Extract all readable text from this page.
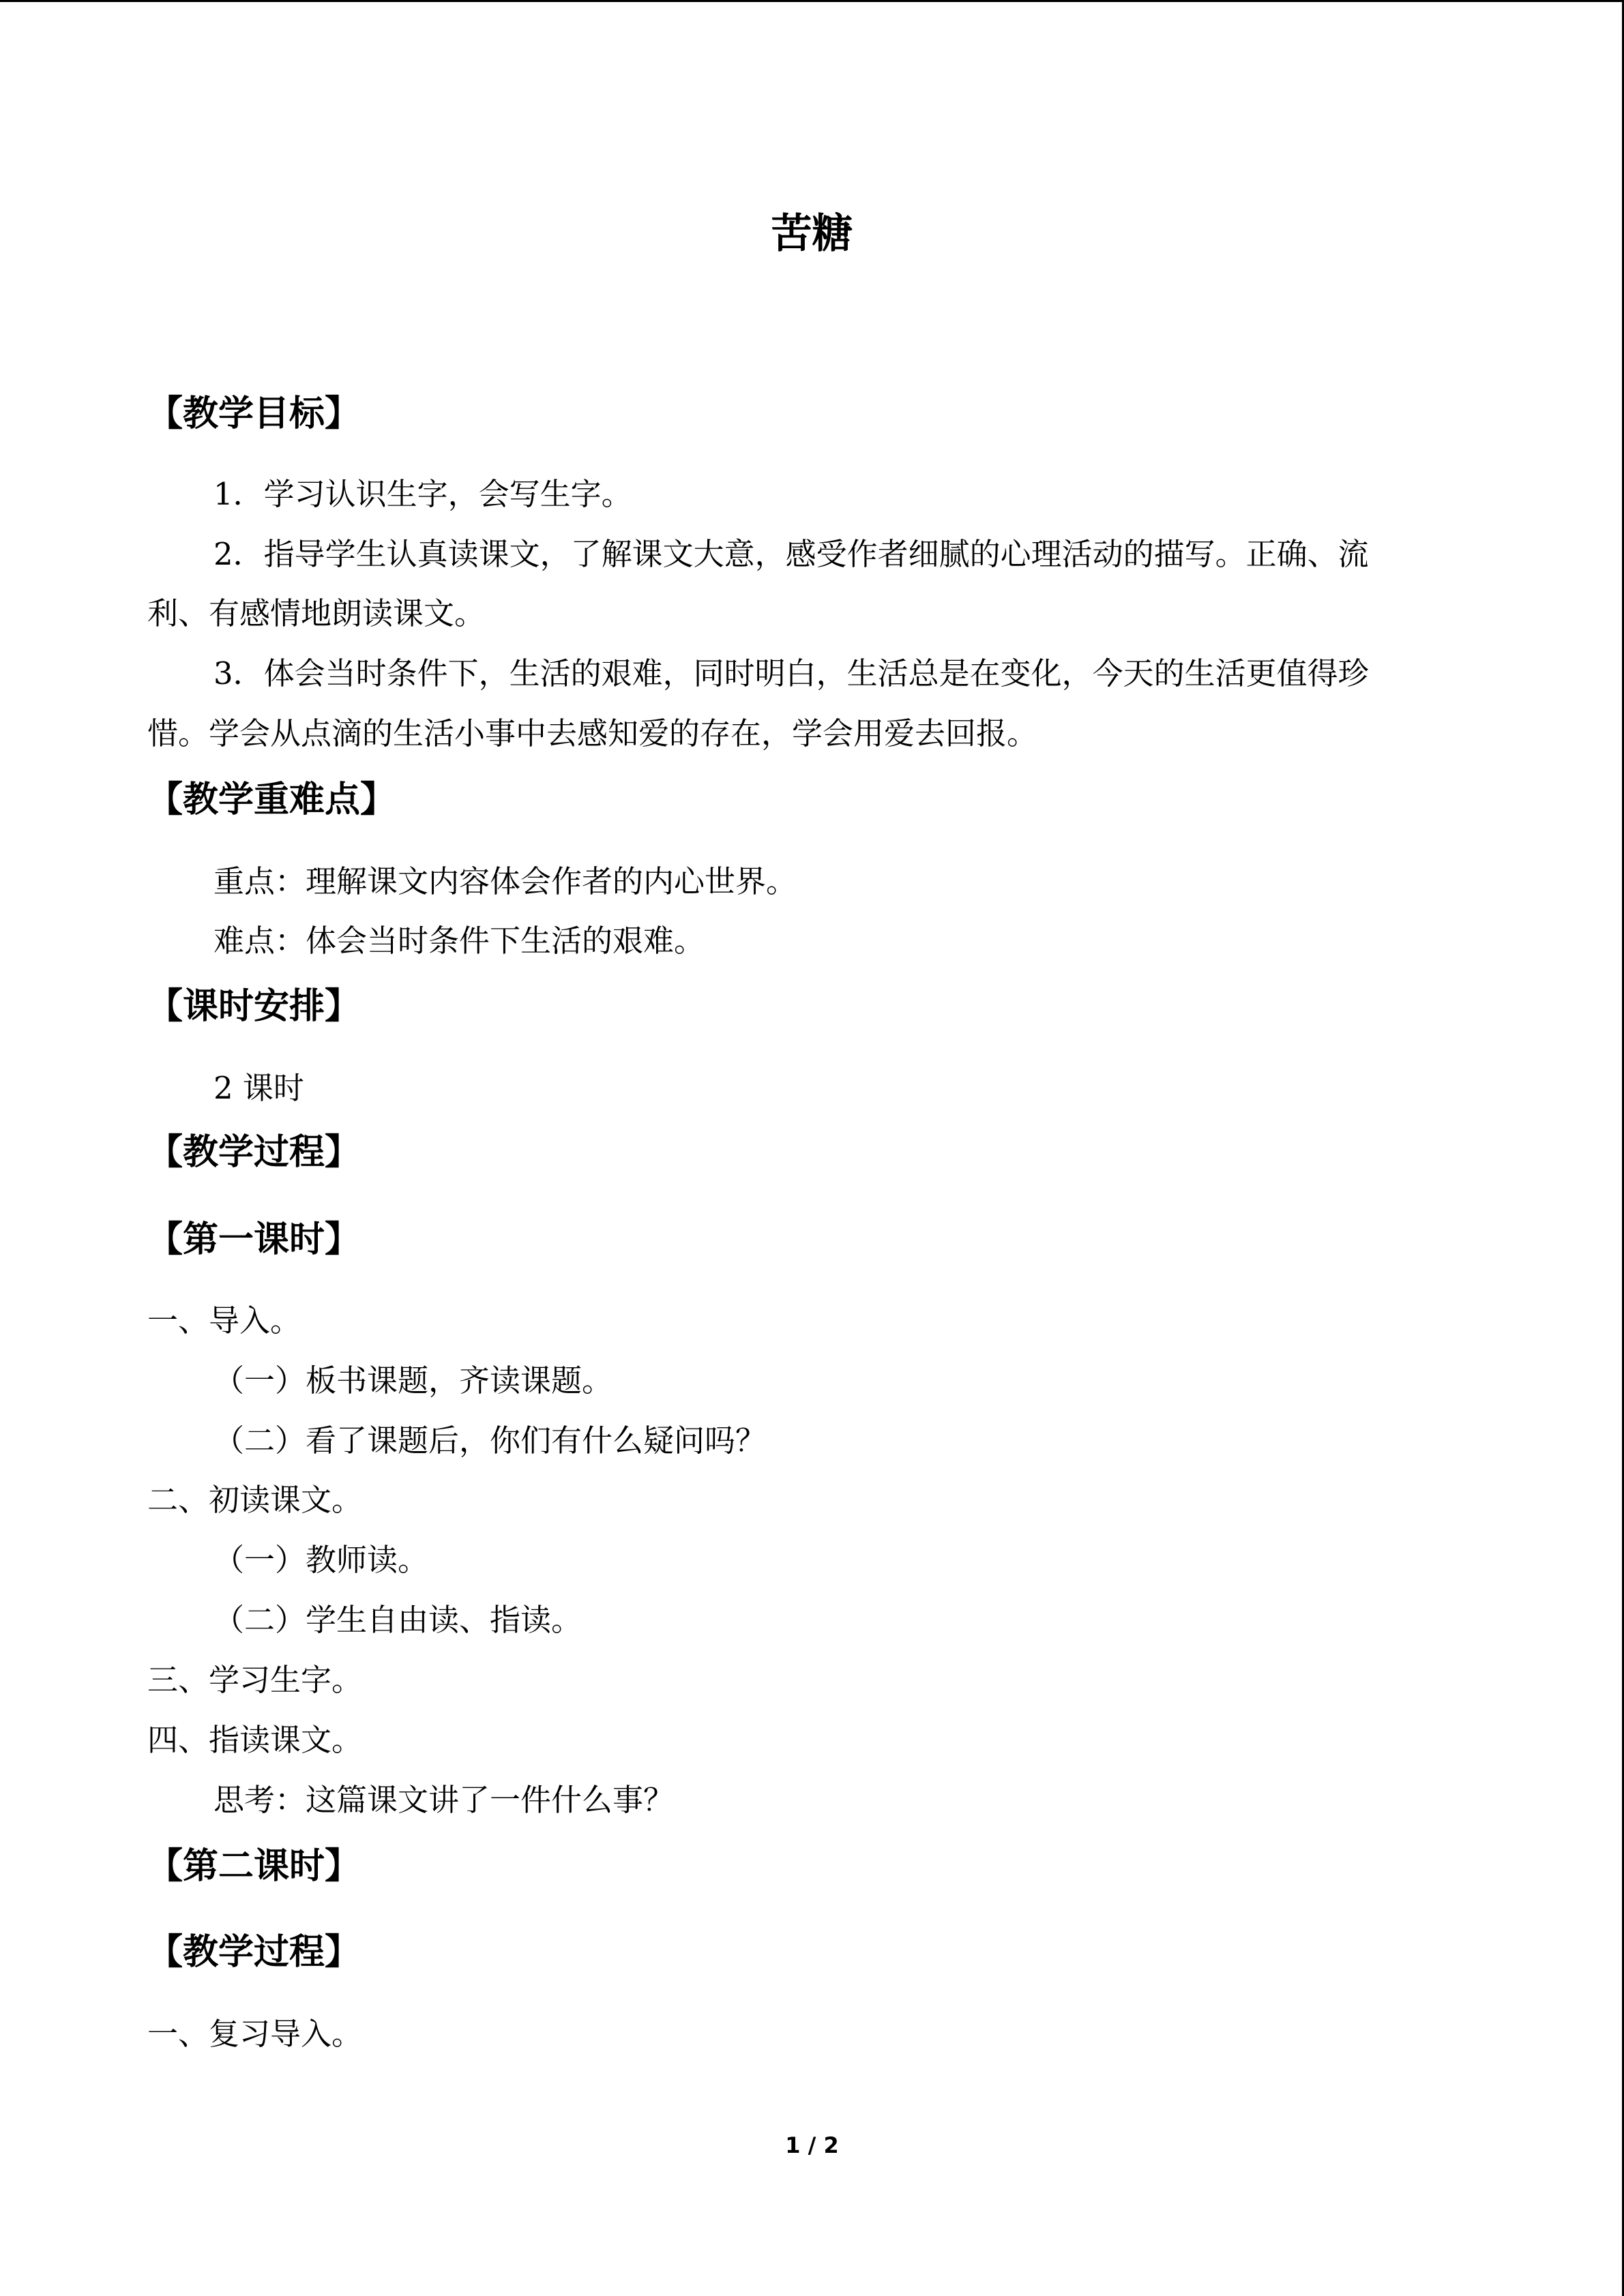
苦糖
【教学目标】
1．学习认识生字，会写生字。
2．指导学生认真读课文，了解课文大意，感受作者细腻的心理活动的描写。正确、流
利、有感情地朗读课文。
3．体会当时条件下，生活的艰难，同时明白，生活总是在变化，今天的生活更值得珍
惜。学会从点滴的生活小事中去感知爱的存在，学会用爱去回报。
【教学重难点】
重点：理解课文内容体会作者的内心世界。
难点：体会当时条件下生活的艰难。
【课时安排】
2 课时
【教学过程】
【第一课时】
一、导入。
（一）板书课题，齐读课题。
（二）看了课题后，你们有什么疑问吗？
二、初读课文。
（一）教师读。
（二）学生自由读、指读。
三、学习生字。
四、指读课文。
思考：这篇课文讲了一件什么事？
【第二课时】
【教学过程】
一、复习导入。
1 / 2
